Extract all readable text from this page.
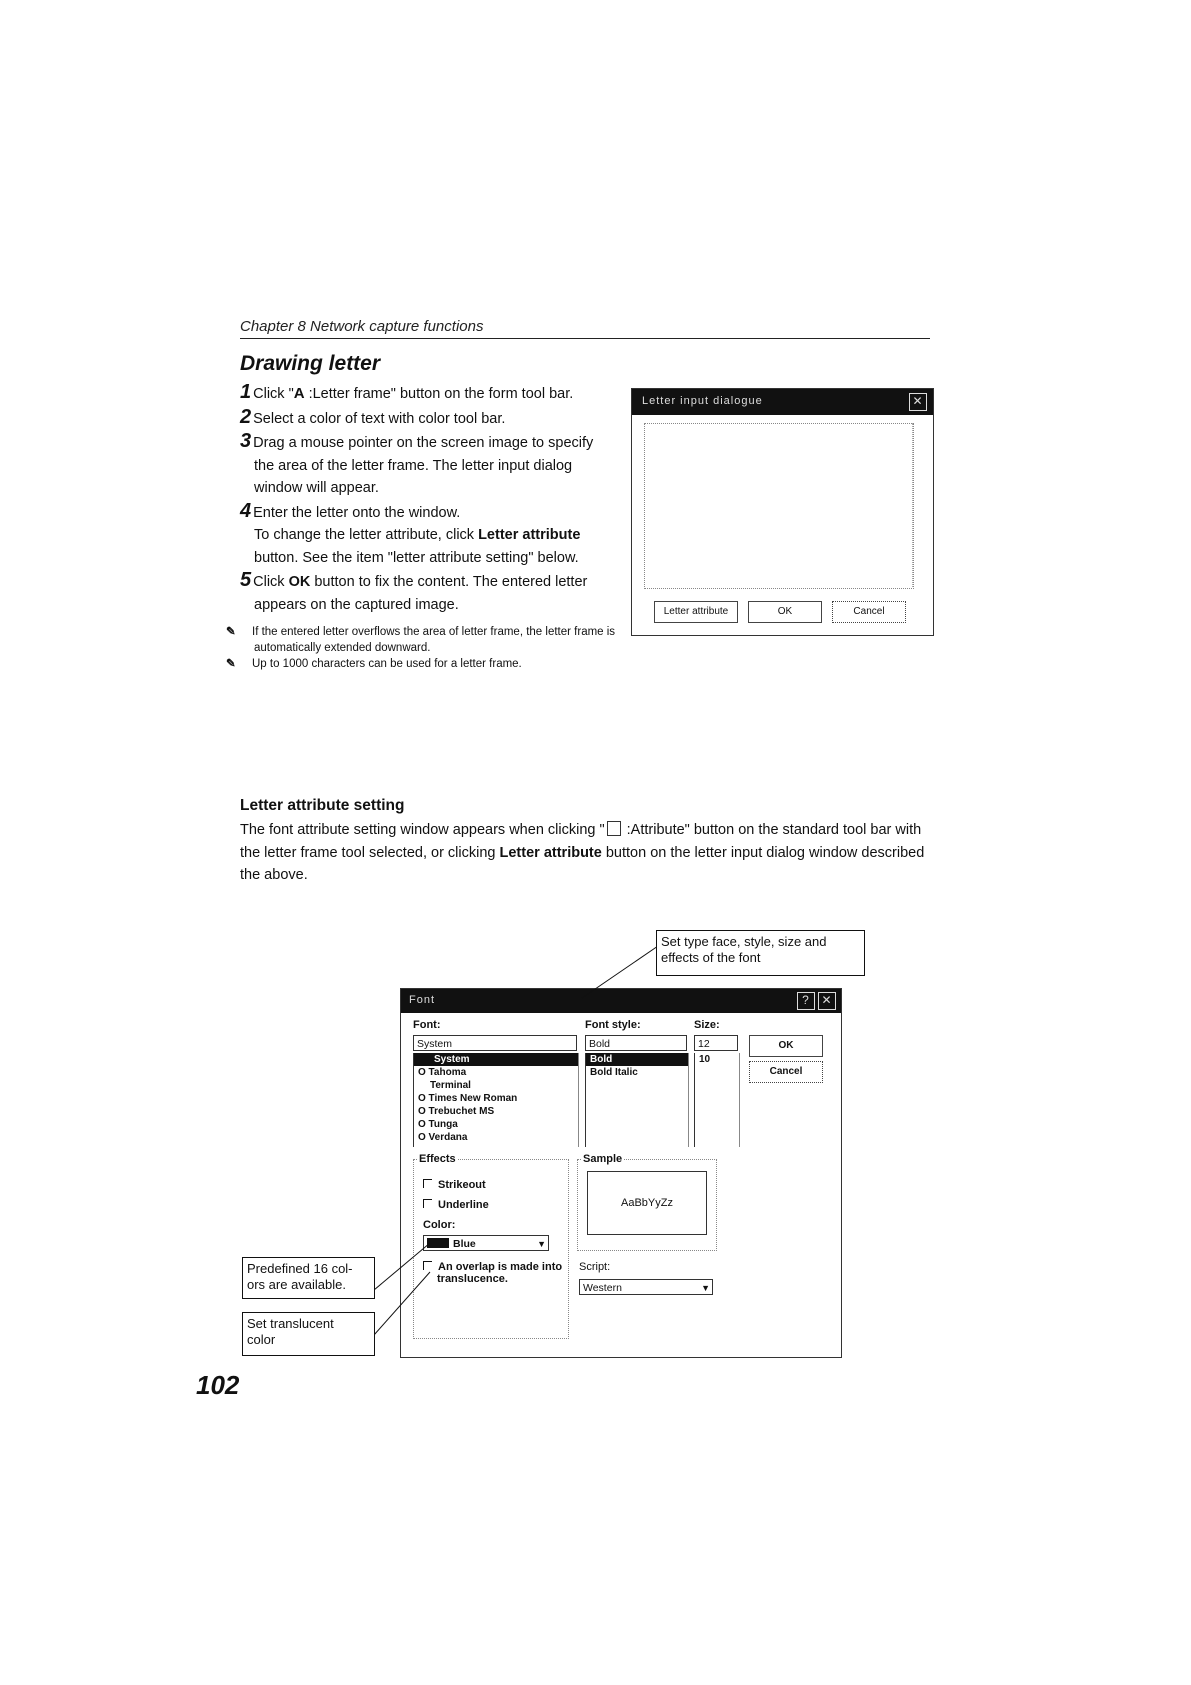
Chapter 8 Network capture functions
Drawing letter
1 Click "A :Letter frame" button on the form tool bar.
2 Select a color of text with color tool bar.
3 Drag a mouse pointer on the screen image to specify
the area of the letter frame. The letter input dialog
window will appear.
4 Enter the letter onto the window.
To change the letter attribute, click Letter attribute
button. See the item "letter attribute setting" below.
5 Click OK button to fix the content. The entered letter
appears on the captured image.
✎ If the entered letter overflows the area of letter frame, the letter frame is automatically extended downward.
✎ Up to 1000 characters can be used for a letter frame.
Letter input dialogue	✕
Letter attribute	OK	Cancel
Letter attribute setting
The font attribute setting window appears when clicking " :Attribute" button on the standard tool bar with the letter frame tool selected, or clicking Letter attribute button on the letter input dialog window described the above.
Font	? ✕
Font:
System
System
O Tahoma
Terminal
O Times New Roman
O Trebuchet MS
O Tunga
O Verdana
Font style:
Bold
Bold
Bold Italic
Size:
12
10
OK
Cancel
Effects
Strikeout
Underline
Color:
Blue	▼
An overlap is made into
translucence.
Sample
AaBbYyZz
Script:
Western	▼
Set type face, style, size and
effects of the font
Predefined 16 col-
ors are available.
Set translucent
color
102
